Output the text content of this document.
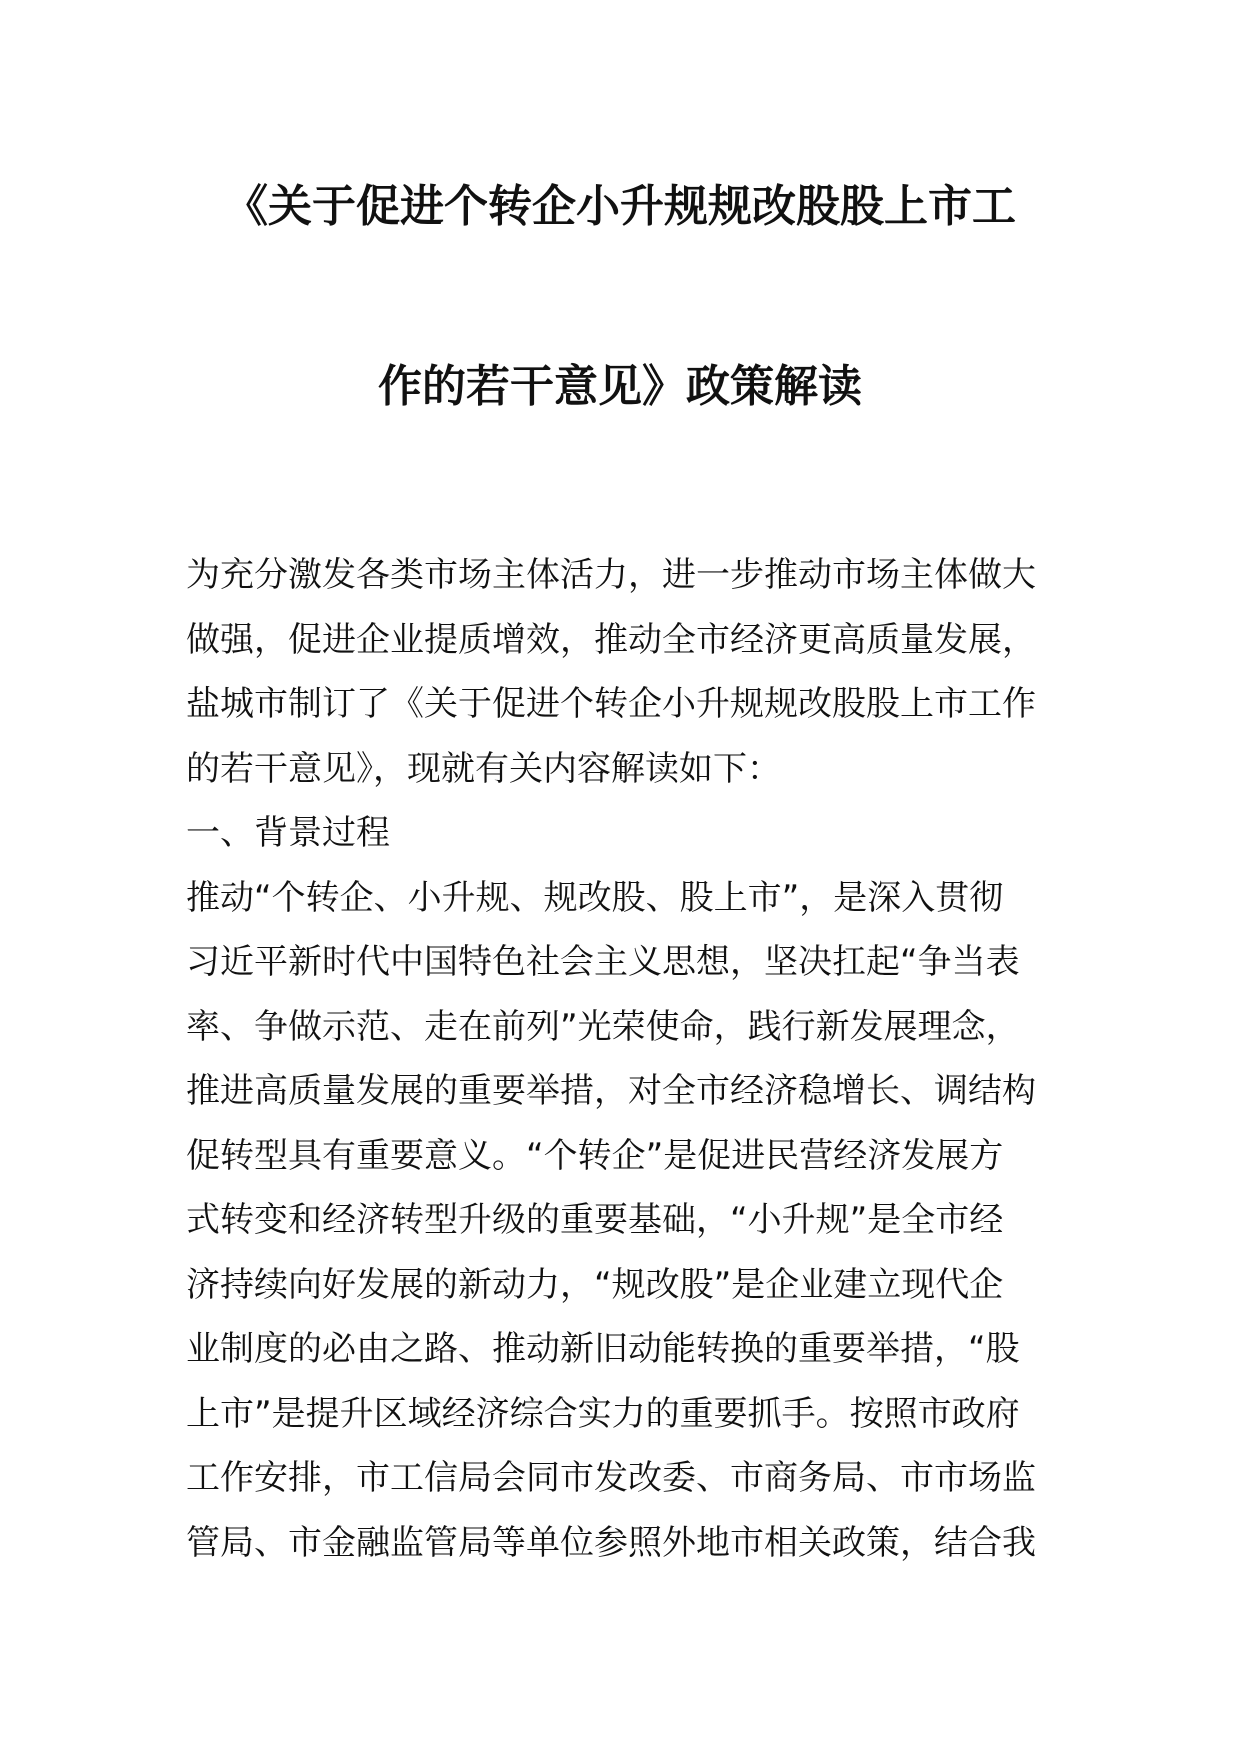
《关于促进个转企小升规规改股股上市工
作的若干意见》政策解读
为充分激发各类市场主体活力，进一步推动市场主体做大
做强，促进企业提质增效，推动全市经济更高质量发展，
盐城市制订了《关于促进个转企小升规规改股股上市工作
的若干意见》，现就有关内容解读如下：
一、背景过程
推动“个转企、小升规、规改股、股上市”，是深入贯彻
习近平新时代中国特色社会主义思想，坚决扛起“争当表
率、争做示范、走在前列”光荣使命，践行新发展理念，
推进高质量发展的重要举措，对全市经济稳增长、调结构
促转型具有重要意义。“个转企”是促进民营经济发展方
式转变和经济转型升级的重要基础，“小升规”是全市经
济持续向好发展的新动力，“规改股”是企业建立现代企
业制度的必由之路、推动新旧动能转换的重要举措，“股
上市”是提升区域经济综合实力的重要抓手。按照市政府
工作安排，市工信局会同市发改委、市商务局、市市场监
管局、市金融监管局等单位参照外地市相关政策，结合我
